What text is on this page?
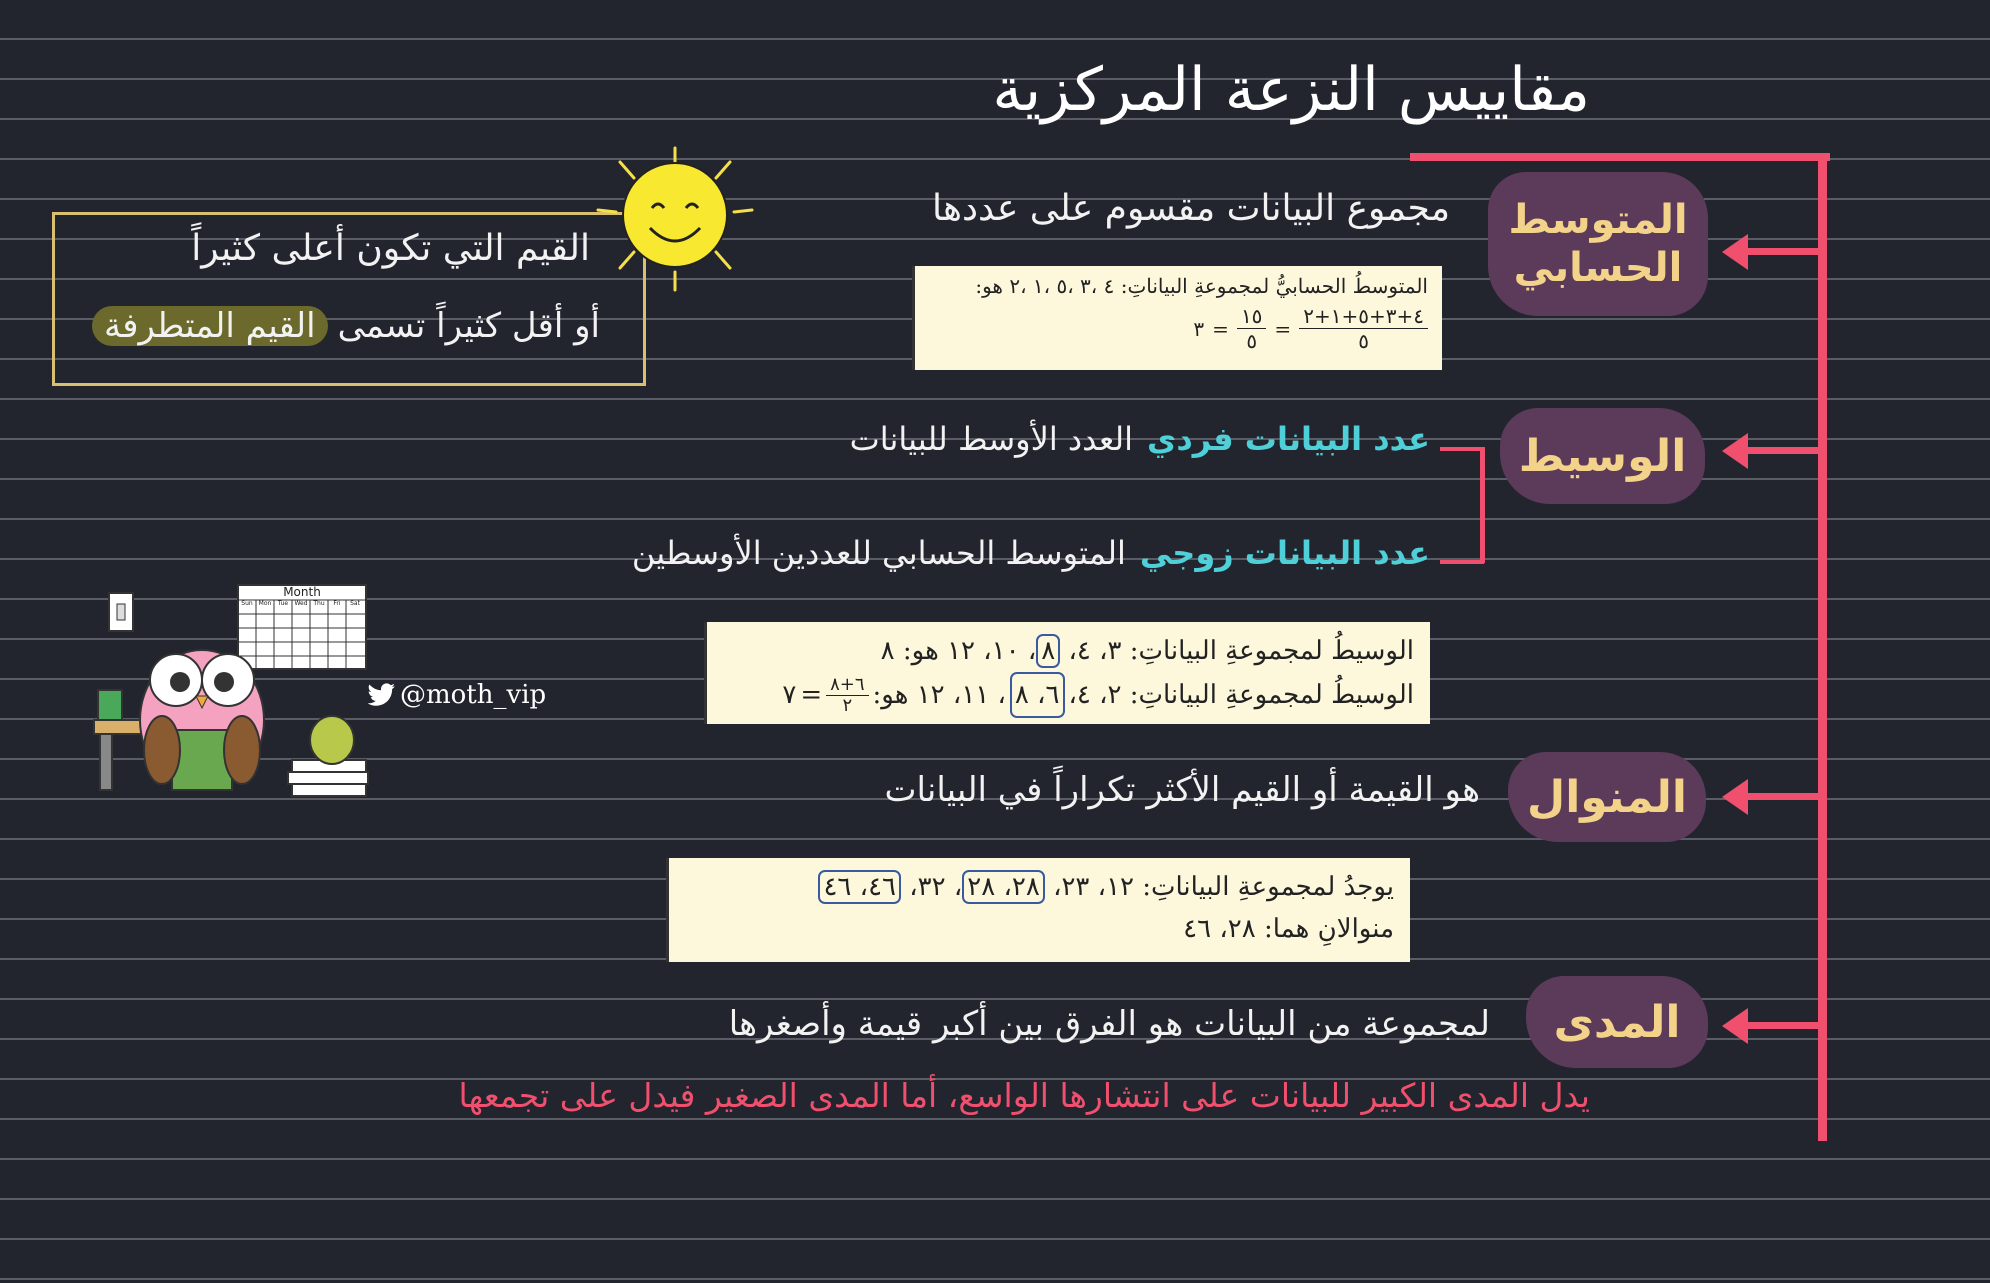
مقاييس النزعة المركزية
المتوسط
الحسابي
مجموع البيانات مقسوم على عددها
المتوسطُ الحسابيُّ لمجموعةِ البياناتِ: ٤ ،٣ ،٥ ،١ ،٢ هو:
٤+٣+٥+١+٢
٥
=
١٥
٥
=
٣
القيم التي تكون أعلى كثيراً
أو أقل كثيراً تسمى
القيم المتطرفة
الوسيط
عدد البيانات فردي
العدد الأوسط للبيانات
عدد البيانات زوجي
المتوسط الحسابي للعددين الأوسطين
الوسيطُ لمجموعةِ البياناتِ: ٣، ٤، ٨، ١٠، ١٢ هو: ٨
الوسيطُ لمجموعةِ البياناتِ: ٢، ٤،
٦، ٨
، ١١، ١٢ هو:
٦+٨
٢
=
٧
المنوال
هو القيمة أو القيم الأكثر تكراراً في البيانات
يوجدُ لمجموعةِ البياناتِ: ١٢، ٢٣، ٢٨، ٢٨، ٣٢، ٤٦، ٤٦
منوالانِ هما: ٢٨، ٤٦
المدى
لمجموعة من البيانات هو الفرق بين أكبر قيمة وأصغرها
يدل المدى الكبير للبيانات على انتشارها الواسع، أما المدى الصغير فيدل على تجمعها
Month
Sun Mon	Tue	Wed Thu	Fri	Sat
@moth_vip
